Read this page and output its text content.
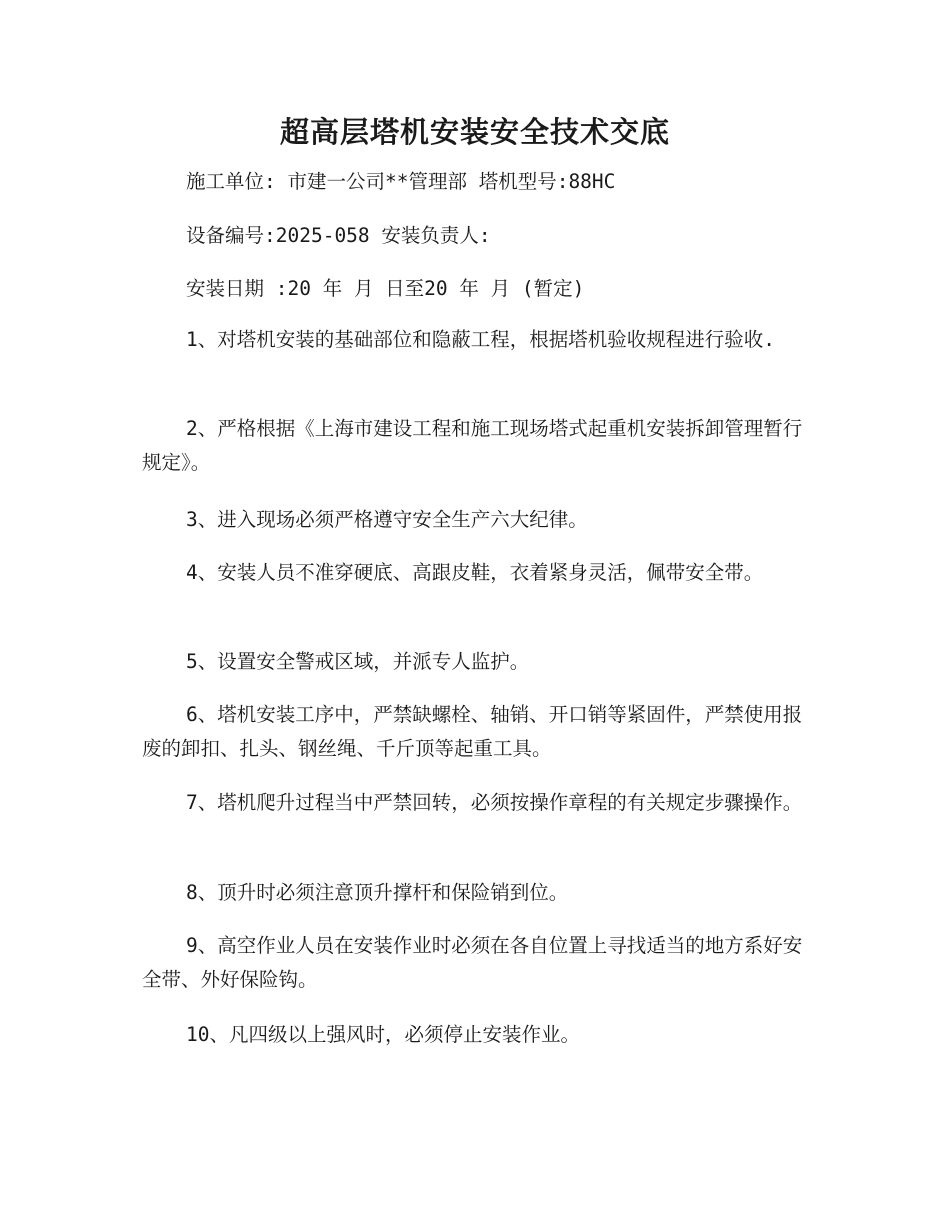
超高层塔机安装安全技术交底
施工单位: 市建一公司**管理部 塔机型号:88HC
设备编号:2025-058 安装负责人:
安装日期 :20 年 月 日至20 年 月 (暂定)

1、对塔机安装的基础部位和隐蔽工程，根据塔机验收规程进行验收.

2、严格根据《上海市建设工程和施工现场塔式起重机安装拆卸管理暂行规定》。

3、进入现场必须严格遵守安全生产六大纪律。

4、安装人员不准穿硬底、高跟皮鞋，衣着紧身灵活，佩带安全带。

5、设置安全警戒区域，并派专人监护。

6、塔机安装工序中，严禁缺螺栓、轴销、开口销等紧固件，严禁使用报废的卸扣、扎头、钢丝绳、千斤顶等起重工具。

7、塔机爬升过程当中严禁回转，必须按操作章程的有关规定步骤操作。

8、顶升时必须注意顶升撑杆和保险销到位。

9、高空作业人员在安装作业时必须在各自位置上寻找适当的地方系好安全带、外好保险钩。

10、凡四级以上强风时，必须停止安装作业。
